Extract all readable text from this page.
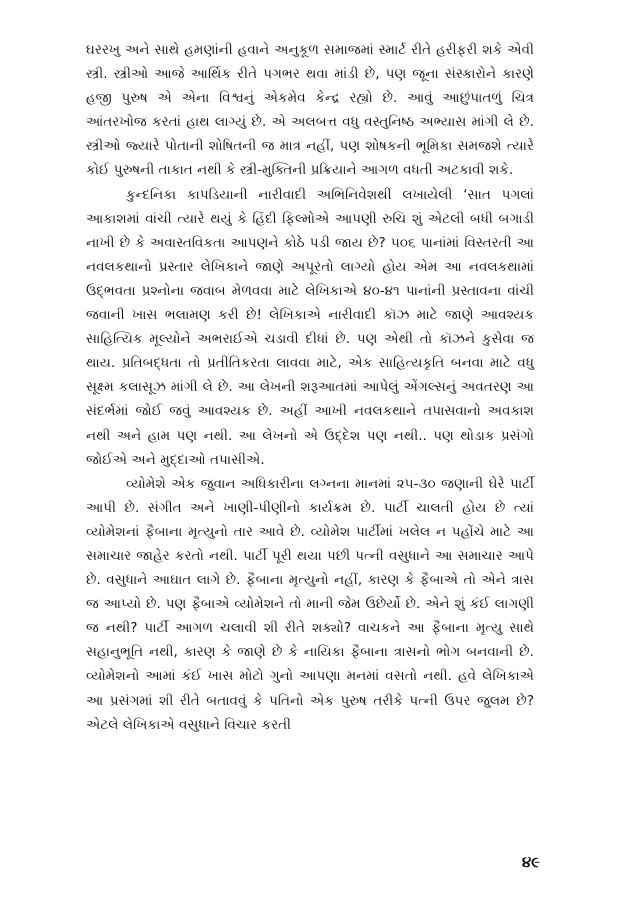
ઘરરખુ અને સાથે હમણાંની હવાને અનુકૂળ સમાજમાં સ્માર્ટ રીતે હરીફરી શકે એવી સ્ત્રી. સ્ત્રીઓ આજે આર્થિક રીતે પગભર થવા માંડી છે, પણ જૂના સંસ્કારોને કારણે હજી પુરુષ એ એના વિશ્વનું એકમેવ કેન્દ્ર રહ્યો છે. આવું આછુંપાતળું ચિત્ર આંતરખોજ કરતાં હાથ લાગ્યું છે. એ અલબત્ત વધુ વસ્તુનિષ્ઠ અભ્યાસ માંગી લે છે. સ્ત્રીઓ જ્યારે પોતાની શોષિતની જ માત્ર નહીં, પણ શોષકની ભૂમિકા સમજશે ત્યારે કોઈ પુરુષની તાકાત નથી કે સ્ત્રી-મુક્તિની પ્રક્રિયાને આગળ વધતી અટકાવી શકે.

કુન્દનિકા કાપડિયાની નારીવાદી અભિનિવેશથી લખાયેલી ‘સાત પગલાં આકાશમાં વાંચી ત્યારે થયું કે હિંદી ફિલ્મોએ આપણી રુચિ શું એટલી બધી બગાડી નાખી છે કે અવાસ્તવિકતા આપણને કોઠે પડી જાય છે? ૫૦૬ પાનાંમાં વિસ્તરતી આ નવલકથાનો પ્રસ્તાર લેખિકાને જાણે અપૂરતો લાગ્યો હોય એમ આ નવલકથામાં ઉદ્‌ભવતા પ્રશ્નોના જવાબ મેળવવા માટે લેખિકાએ ૪૦-૪૧ પાનાંની પ્રસ્તાવના વાંચી જવાની ખાસ ભલામણ કરી છે! લેખિકાએ નારીવાદી કૉઝ માટે જાણે આવશ્યક સાહિત્યિક મૂલ્યોને અભરાઈએ ચડાવી દીધાં છે. પણ એથી તો કૉઝને કુસેવા જ થાય. પ્રતિબદ્ધતા તો પ્રતીતિકરતા લાવવા માટે, એક સાહિત્યકૃતિ બનવા માટે વધુ સૂક્ષ્મ કલાસૂઝ માંગી લે છે. આ લેખની શરૂઆતમાં આપેલું એંગલ્સનું અવતરણ આ સંદર્ભમાં જોઈ જવું આવશ્યક છે. અહીં આખી નવલકથાને તપાસવાનો અવકાશ નથી અને હામ પણ નથી. આ લેખનો એ ઉદ્દેશ પણ નથી.. પણ થોડાક પ્રસંગો જોઈએ અને મુદ્દાઓ તપાસીએ.

વ્યોમેશે એક જુવાન અધિકારીના લગ્નના માનમાં ૨૫-૩૦ જણાની ઘેરે પાર્ટી આપી છે. સંગીત અને ખાણી-પીણીનો કાર્યક્રમ છે. પાર્ટી ચાલતી હોય છે ત્યાં વ્યોમેશનાં ફૈબાના મૃત્યુનો તાર આવે છે. વ્યોમેશ પાર્ટીમાં ખલેલ ન પહોંચે માટે આ સમાચાર જાહેર કરતો નથી. પાર્ટી પૂરી થયા પછી પત્ની વસુધાને આ સમાચાર આપે છે. વસુધાને આઘાત લાગે છે. ફૈબાના મૃત્યુનો નહીં, કારણ કે ફૈબાએ તો એને ત્રાસ જ આપ્યો છે. પણ ફૈબાએ વ્યોમેશને તો માની જેમ ઉછેર્યો છે. એને શું કંઈ લાગણી જ નથી? પાર્ટી આગળ ચલાવી શી રીતે શક્યો? વાચકને આ ફૈબાના મૃત્યુ સાથે સહાનુભૂતિ નથી, કારણ કે જાણે છે કે નાયિકા ફૈબાના ત્રાસનો ભોગ બનવાની છે. વ્યોમેશનો આમાં કંઈ ખાસ મોટો ગુનો આપણા મનમાં વસતો નથી. હવે લેખિકાએ આ પ્રસંગમાં શી રીતે બતાવવું કે પતિનો એક પુરુષ તરીકે પત્ની ઉપર જુલમ છે? એટલે લેખિકાએ વસુધાને વિચાર કરતી

૪૯
